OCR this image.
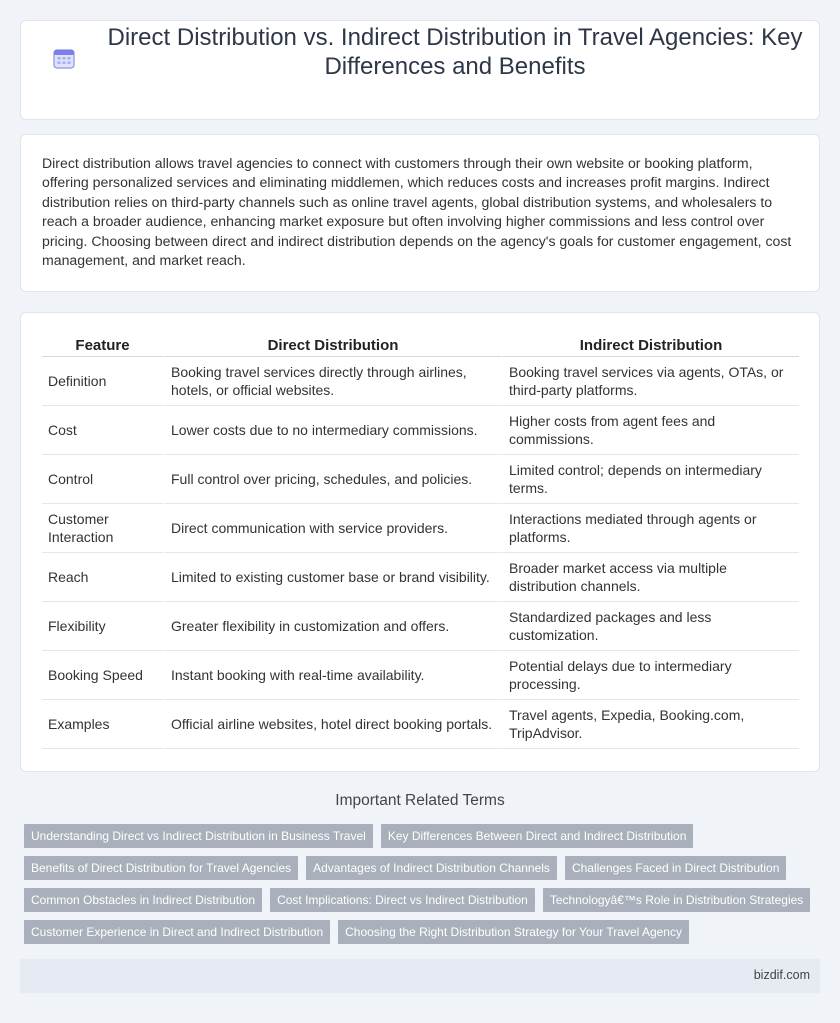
Direct Distribution vs. Indirect Distribution in Travel Agencies: Key Differences and Benefits

Direct distribution allows travel agencies to connect with customers through their own website or booking platform, offering personalized services and eliminating middlemen, which reduces costs and increases profit margins. Indirect distribution relies on third-party channels such as online travel agents, global distribution systems, and wholesalers to reach a broader audience, enhancing market exposure but often involving higher commissions and less control over pricing. Choosing between direct and indirect distribution depends on the agency's goals for customer engagement, cost management, and market reach.

Feature	Direct Distribution	Indirect Distribution
Definition	Booking travel services directly through airlines, hotels, or official websites.	Booking travel services via agents, OTAs, or third-party platforms.
Cost	Lower costs due to no intermediary commissions.	Higher costs from agent fees and commissions.
Control	Full control over pricing, schedules, and policies.	Limited control; depends on intermediary terms.
Customer Interaction	Direct communication with service providers.	Interactions mediated through agents or platforms.
Reach	Limited to existing customer base or brand visibility.	Broader market access via multiple distribution channels.
Flexibility	Greater flexibility in customization and offers.	Standardized packages and less customization.
Booking Speed	Instant booking with real-time availability.	Potential delays due to intermediary processing.
Examples	Official airline websites, hotel direct booking portals.	Travel agents, Expedia, Booking.com, TripAdvisor.
Important Related Terms
Understanding Direct vs Indirect Distribution in Business Travel	Key Differences Between Direct and Indirect Distribution
Benefits of Direct Distribution for Travel Agencies	Advantages of Indirect Distribution Channels	Challenges Faced in Direct Distribution
Common Obstacles in Indirect Distribution	Cost Implications: Direct vs Indirect Distribution	Technologyâ€™s Role in Distribution Strategies
Customer Experience in Direct and Indirect Distribution	Choosing the Right Distribution Strategy for Your Travel Agency
bizdif.com
